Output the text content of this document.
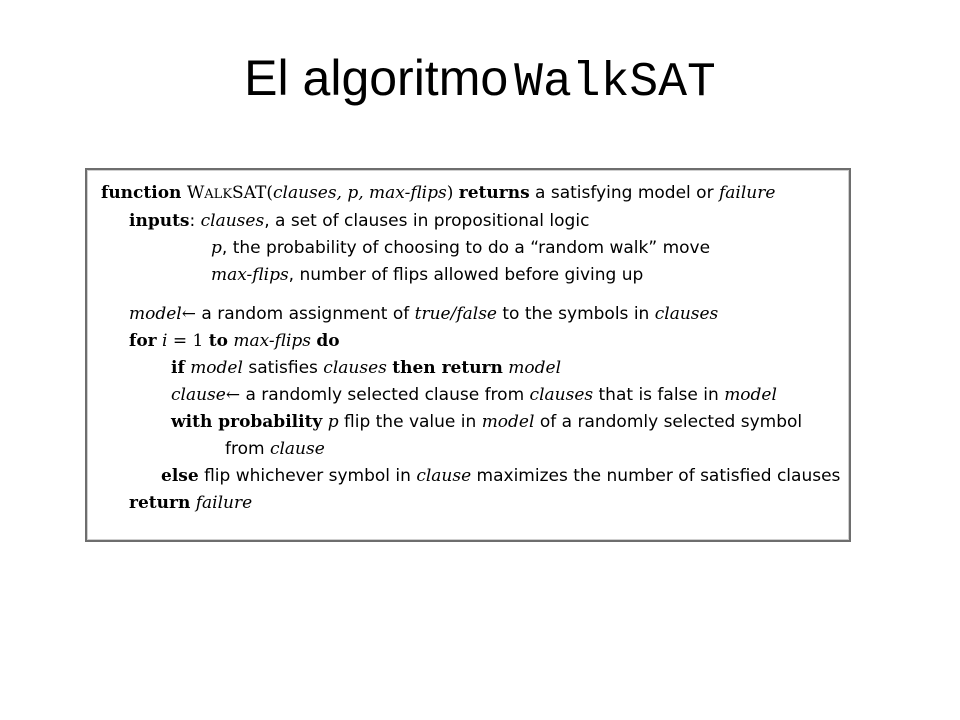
El algoritmo WalkSAT
function WALKSAT(clauses, p, max-flips) returns a satisfying model or failure
inputs: clauses, a set of clauses in propositional logic
p, the probability of choosing to do a “random walk” move
max-flips, number of flips allowed before giving up
model← a random assignment of true/false to the symbols in clauses
for i = 1 to max-flips do
if model satisfies clauses then return model
clause← a randomly selected clause from clauses that is false in model
with probability p flip the value in model of a randomly selected symbol
from clause
else flip whichever symbol in clause maximizes the number of satisfied clauses
return failure
